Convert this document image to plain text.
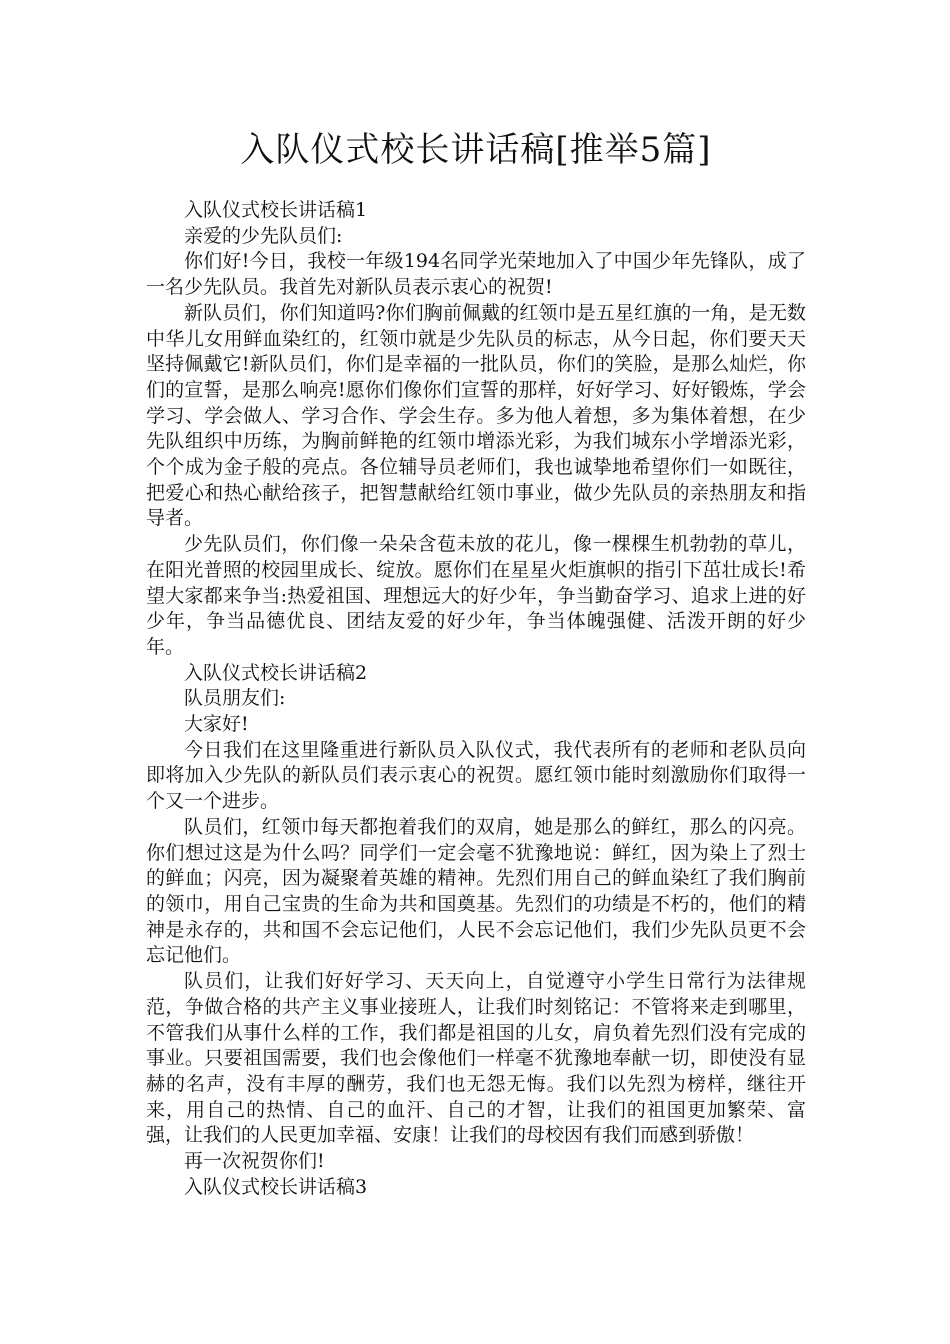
入队仪式校长讲话稿[推举5篇]

入队仪式校长讲话稿1

亲爱的少先队员们:

你们好!今日，我校一年级194名同学光荣地加入了中国少年先锋队，成了一名少先队员。我首先对新队员表示衷心的祝贺!

新队员们，你们知道吗?你们胸前佩戴的红领巾是五星红旗的一角，是无数中华儿女用鲜血染红的，红领巾就是少先队员的标志，从今日起，你们要天天坚持佩戴它!新队员们，你们是幸福的一批队员，你们的笑脸，是那么灿烂，你们的宣誓，是那么响亮!愿你们像你们宣誓的那样，好好学习、好好锻炼，学会学习、学会做人、学习合作、学会生存。多为他人着想，多为集体着想，在少先队组织中历练，为胸前鲜艳的红领巾增添光彩，为我们城东小学增添光彩，个个成为金子般的亮点。各位辅导员老师们，我也诚挚地希望你们一如既往，把爱心和热心献给孩子，把智慧献给红领巾事业，做少先队员的亲热朋友和指导者。

少先队员们，你们像一朵朵含苞未放的花儿，像一棵棵生机勃勃的草儿，在阳光普照的校园里成长、绽放。愿你们在星星火炬旗帜的指引下茁壮成长!希望大家都来争当:热爱祖国、理想远大的好少年，争当勤奋学习、追求上进的好少年，争当品德优良、团结友爱的好少年，争当体魄强健、活泼开朗的好少年。

入队仪式校长讲话稿2

队员朋友们:

大家好!

今日我们在这里隆重进行新队员入队仪式，我代表所有的老师和老队员向即将加入少先队的新队员们表示衷心的祝贺。愿红领巾能时刻激励你们取得一个又一个进步。

队员们，红领巾每天都抱着我们的双肩，她是那么的鲜红，那么的闪亮。你们想过这是为什么吗？同学们一定会毫不犹豫地说：鲜红，因为染上了烈士的鲜血；闪亮，因为凝聚着英雄的精神。先烈们用自己的鲜血染红了我们胸前的领巾，用自己宝贵的生命为共和国奠基。先烈们的功绩是不朽的，他们的精神是永存的，共和国不会忘记他们，人民不会忘记他们，我们少先队员更不会忘记他们。

队员们，让我们好好学习、天天向上，自觉遵守小学生日常行为法律规范，争做合格的共产主义事业接班人，让我们时刻铭记：不管将来走到哪里，不管我们从事什么样的工作，我们都是祖国的儿女，肩负着先烈们没有完成的事业。只要祖国需要，我们也会像他们一样毫不犹豫地奉献一切，即使没有显赫的名声，没有丰厚的酬劳，我们也无怨无悔。我们以先烈为榜样，继往开来，用自己的热情、自己的血汗、自己的才智，让我们的祖国更加繁荣、富强，让我们的人民更加幸福、安康！让我们的母校因有我们而感到骄傲！

再一次祝贺你们!

入队仪式校长讲话稿3
